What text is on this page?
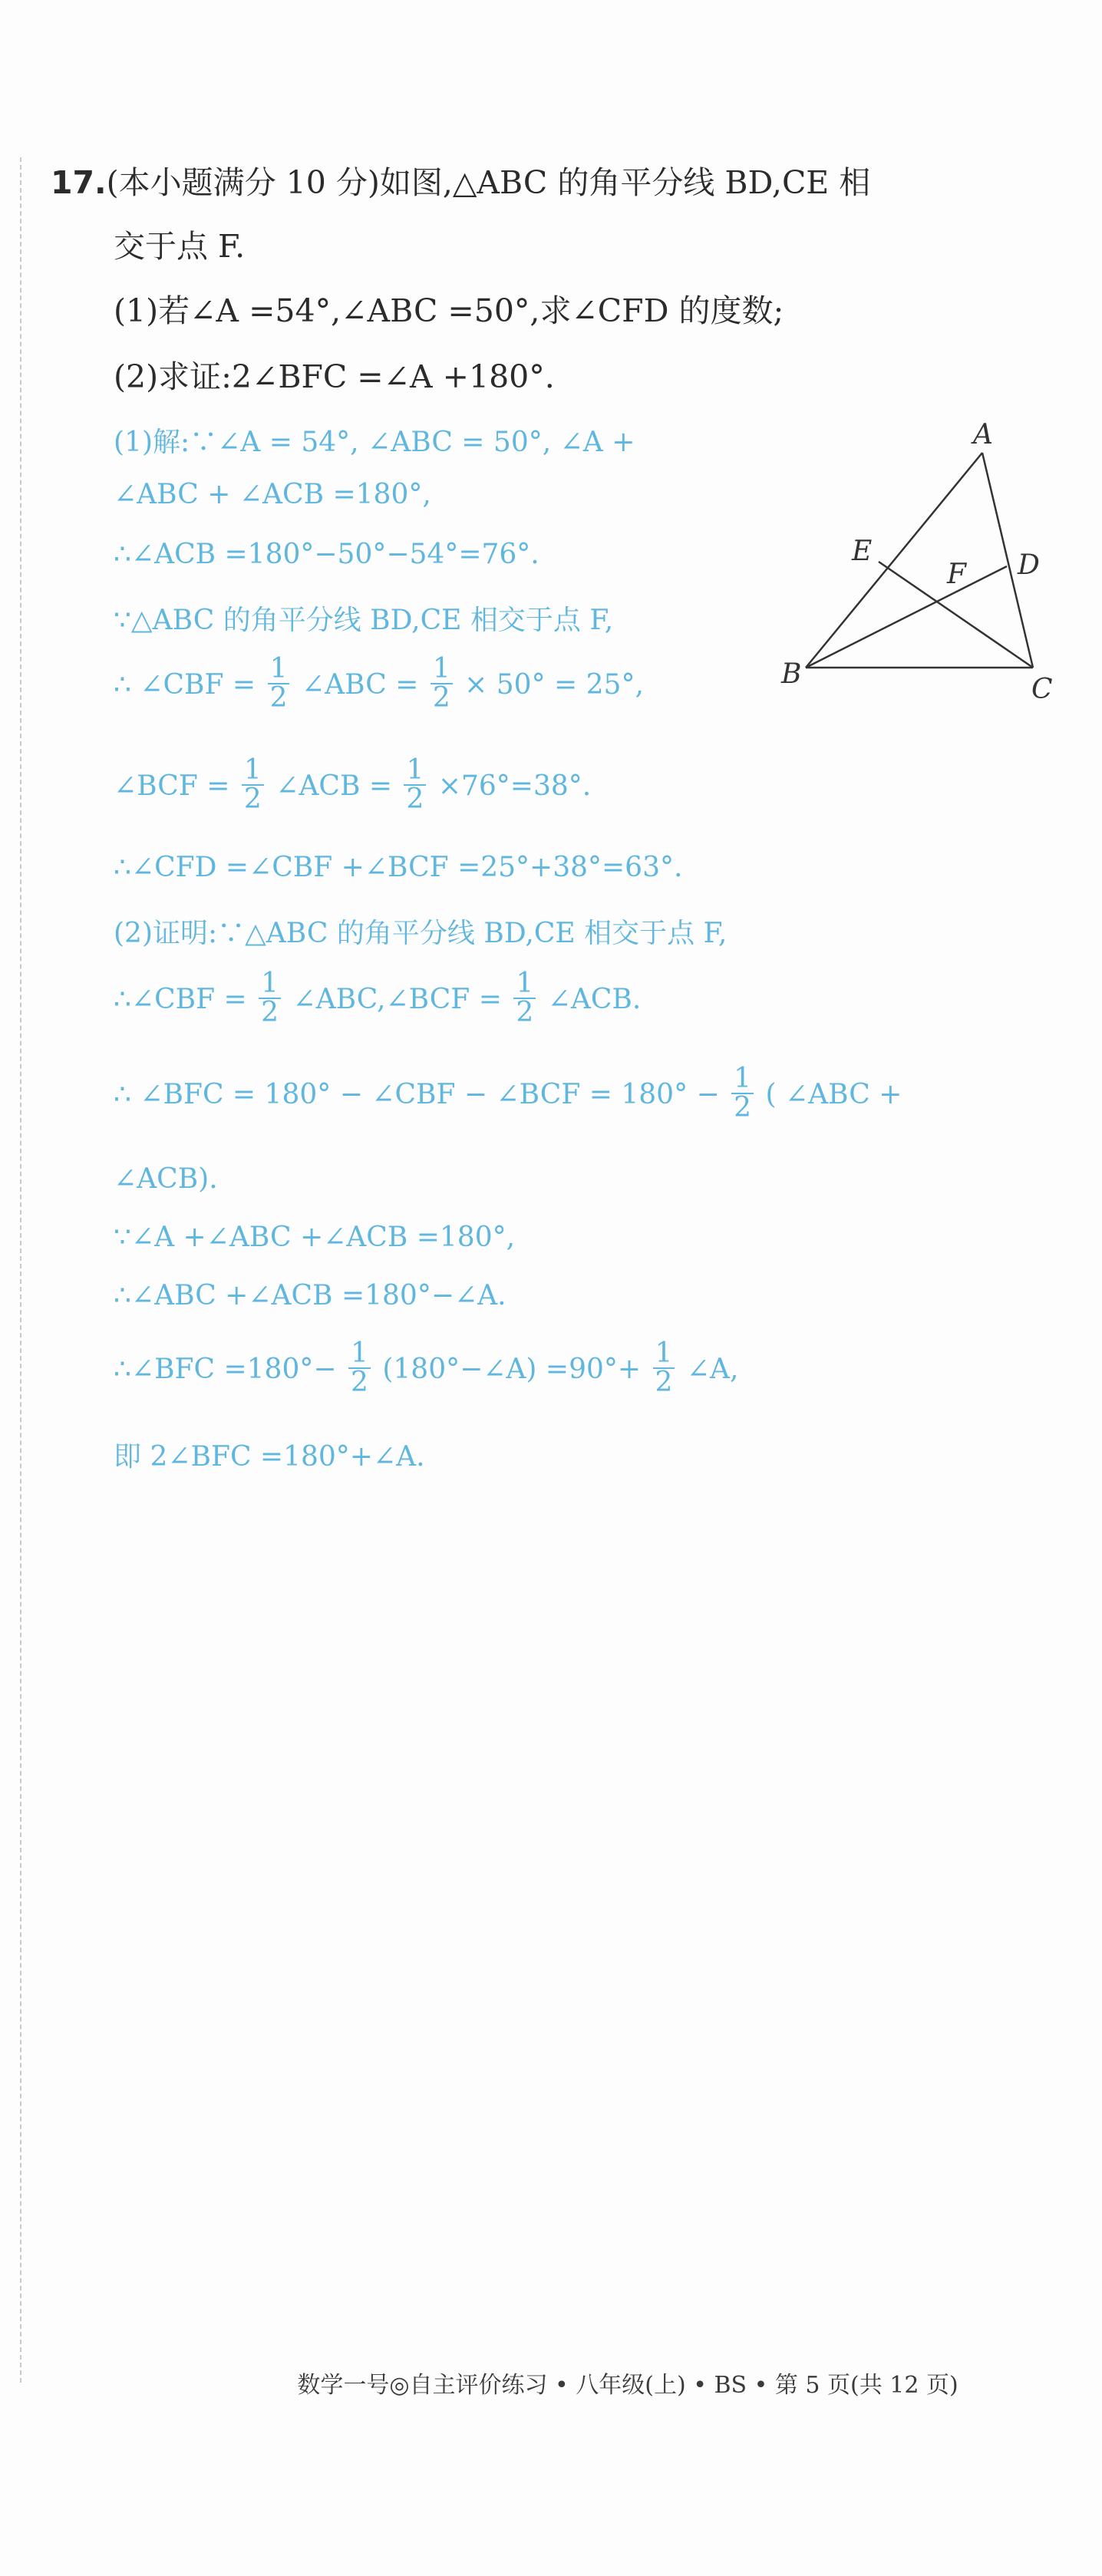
17.(本小题满分 10 分)如图,△ABC 的角平分线 BD,CE 相
交于点 F.
(1)若∠A =54°,∠ABC =50°,求∠CFD 的度数;
(2)求证:2∠BFC =∠A +180°.
A
B	C
D
E
F
(1)解:∵∠A = 54°, ∠ABC = 50°, ∠A +
∠ABC + ∠ACB =180°,
∴∠ACB =180°−50°−54°=76°.
∵△ABC 的角平分线 BD,CE 相交于点 F,
∴ ∠CBF = $\frac{1}{2}$ ∠ABC = $\frac{1}{2} \times 50^\circ = 25^\circ$,
∠BCF = $\frac{1}{2}$ ∠ACB = $\frac{1}{2} \times 76^\circ=38^\circ$.
∴∠CFD =∠CBF +∠BCF =25°+38°=63°.
(2)证明:∵△ABC 的角平分线 BD,CE 相交于点 F,
∴∠CBF = $\frac{1}{2}$ ∠ABC,∠BCF = $\frac{1}{2}$ ∠ACB.
∴ ∠BFC = 180° − ∠CBF − ∠BCF = $180^\circ - \frac{1}{2}$ ( ∠ABC +
∠ACB).
∵∠A +∠ABC +∠ACB =180°,
∴∠ABC +∠ACB =180°−∠A.
∴∠BFC $=180^\circ- \frac{1}{2}$ (180°−∠A) $=90^\circ+ \frac{1}{2}$ ∠A,
即 2∠BFC =180°+∠A.
数学一号◎自主评价练习 • 八年级(上) • BS • 第 5 页(共 12 页)
